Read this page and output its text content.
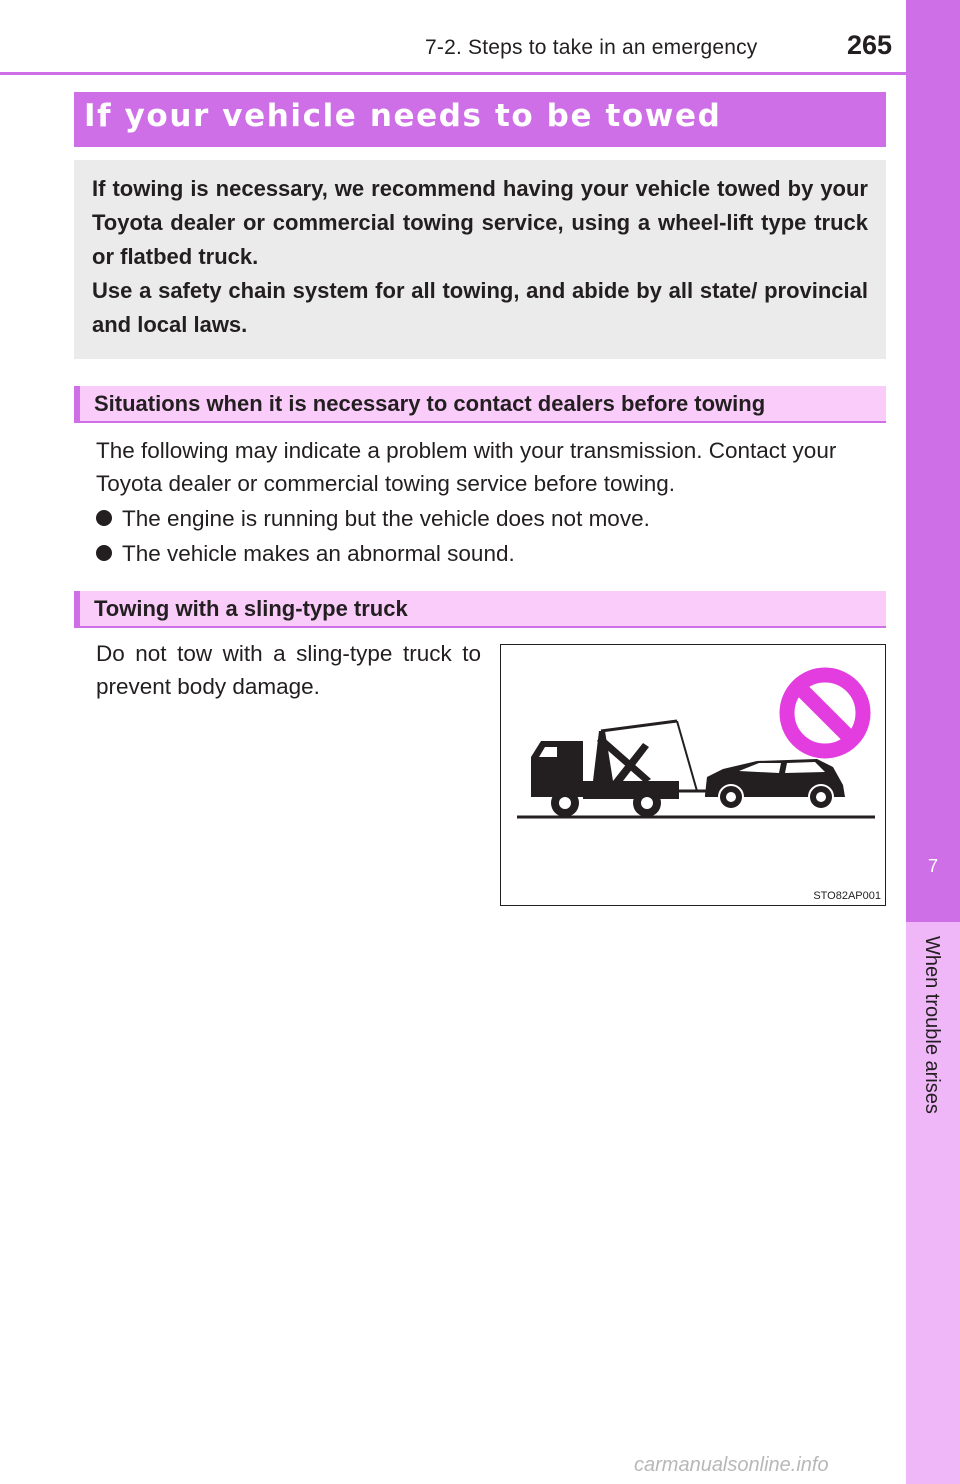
7-2. Steps to take in an emergency	265
7
When trouble arises
If your vehicle needs to be towed

If towing is necessary, we recommend having your vehicle towed by your Toyota dealer or commercial towing service, using a wheel-lift type truck or flatbed truck.

Use a safety chain system for all towing, and abide by all state/ provincial and local laws.

Situations when it is necessary to contact dealers before towing

The following may indicate a problem with your transmission. Contact your Toyota dealer or commercial towing service before towing.

The engine is running but the vehicle does not move.

The vehicle makes an abnormal sound.

Towing with a sling-type truck

Do not tow with a sling-type truck to prevent body damage.

STO82AP001
carmanualsonline.info
